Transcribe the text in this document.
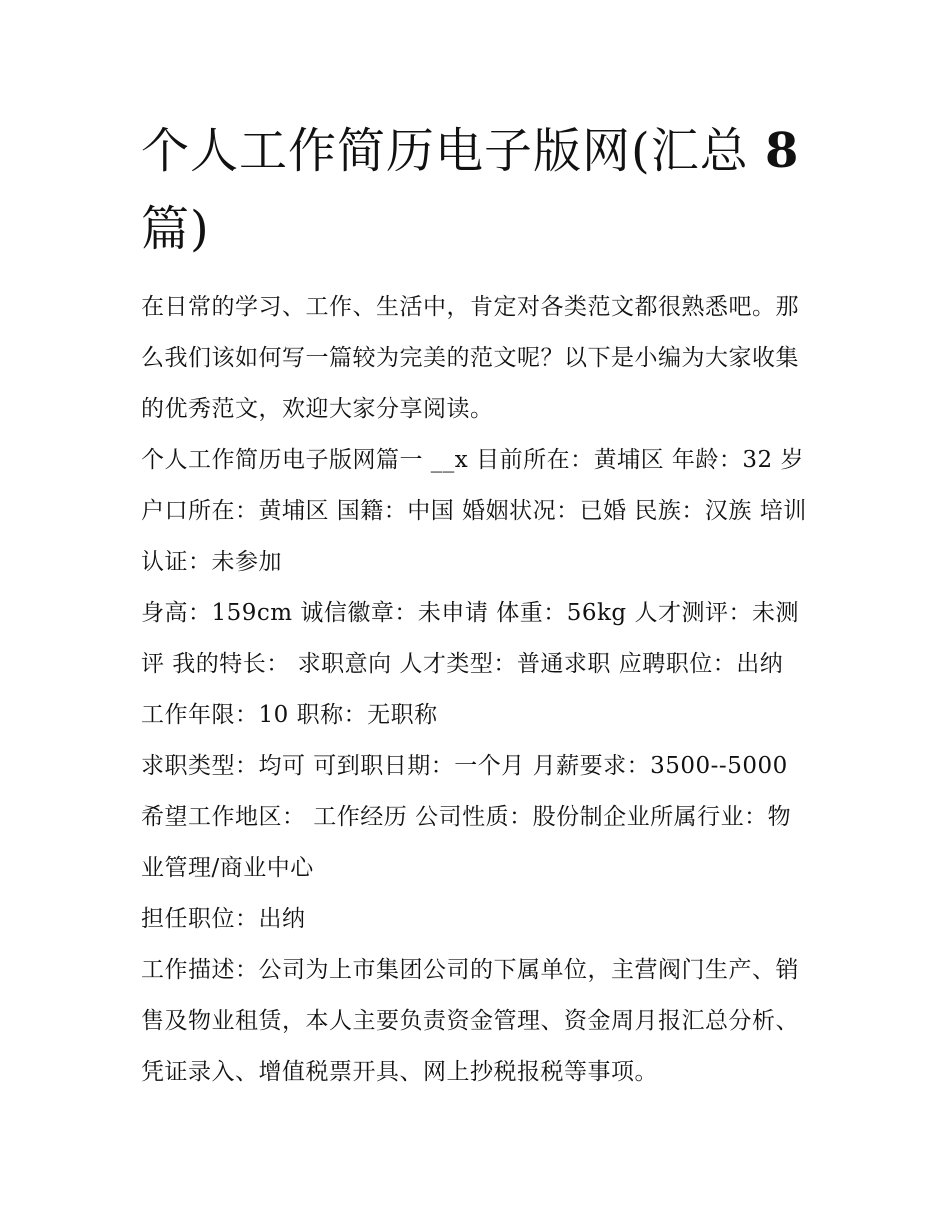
个人工作简历电子版网(汇总 8
篇)

在日常的学习、工作、生活中，肯定对各类范文都很熟悉吧。那么我们该如何写一篇较为完美的范文呢？以下是小编为大家收集的优秀范文，欢迎大家分享阅读。

个人工作简历电子版网篇一 __x 目前所在：黄埔区 年龄：32 岁 户口所在：黄埔区 国籍：中国 婚姻状况：已婚 民族：汉族 培训认证：未参加

身高：159cm 诚信徽章：未申请 体重：56kg 人才测评：未测评 我的特长： 求职意向 人才类型：普通求职 应聘职位：出纳 工作年限：10 职称：无职称

求职类型：均可 可到职日期：一个月 月薪要求：3500--5000 希望工作地区： 工作经历 公司性质：股份制企业所属行业：物业管理/商业中心

担任职位：出纳

工作描述：公司为上市集团公司的下属单位，主营阀门生产、销售及物业租赁，本人主要负责资金管理、资金周月报汇总分析、凭证录入、增值税票开具、网上抄税报税等事项。
